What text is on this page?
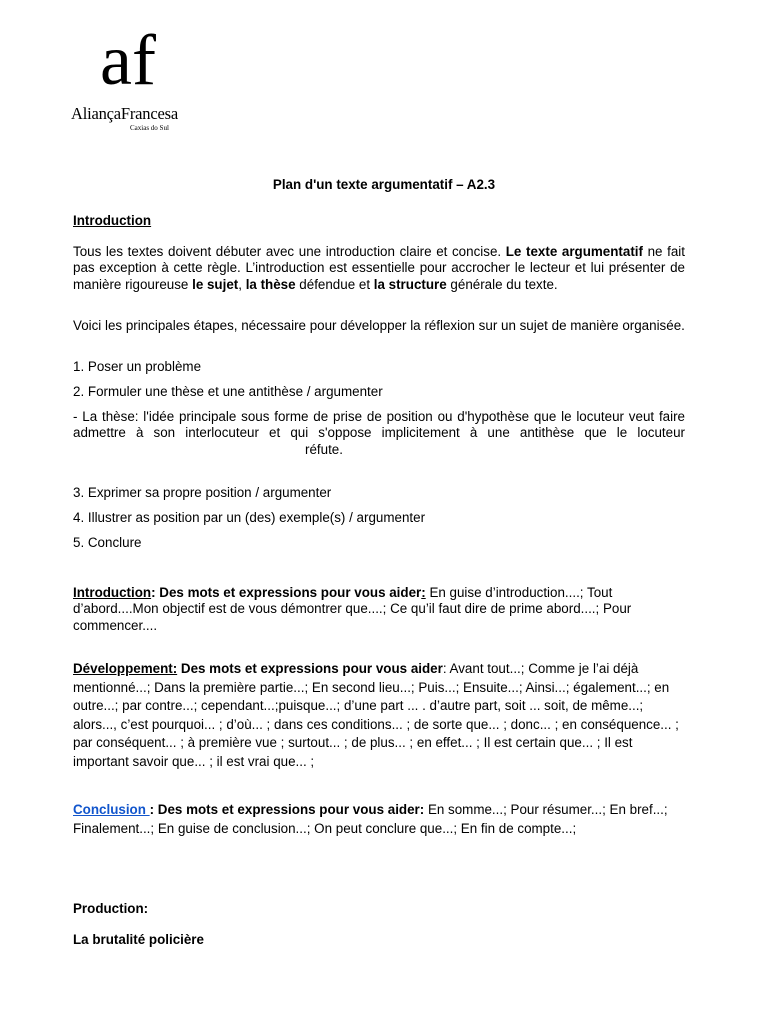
af
AliançaFrancesa
Caxias do Sul
Plan d'un texte argumentatif – A2.3
Introduction
Tous les textes doivent débuter avec une introduction claire et concise. Le texte argumentatif ne fait pas exception à cette règle. L’introduction est essentielle pour accrocher le lecteur et lui présenter de manière rigoureuse le sujet, la thèse défendue et la structure générale du texte.
Voici les principales étapes, nécessaire pour développer la réflexion sur un sujet de manière organisée.
1. Poser un problème
2. Formuler une thèse et une antithèse / argumenter
- La thèse: l'idée principale sous forme de prise de position ou d'hypothèse que le locuteur veut faire admettre à son interlocuteur et qui s'oppose implicitement à une antithèse que le locuteurréfute.
3. Exprimer sa propre position / argumenter
4. Illustrer as position par un (des) exemple(s) / argumenter
5. Conclure
Introduction: Des mots et expressions pour vous aider: En guise d’introduction....; Tout d’abord....Mon objectif est de vous démontrer que....; Ce qu’il faut dire de prime abord....; Pour commencer....
Développement: Des mots et expressions pour vous aider: Avant tout...; Comme je l’ai déjà mentionné...; Dans la première partie...; En second lieu...; Puis...; Ensuite...; Ainsi...; également...; en outre...; par contre...; cependant...;puisque...; d’une part ... . d’autre part, soit ... soit, de même...; alors..., c’est pourquoi... ; d’où... ; dans ces conditions... ; de sorte que... ; donc... ; en conséquence... ; par conséquent... ; à première vue ; surtout... ; de plus... ; en effet... ; Il est certain que... ; Il est important savoir que... ; il est vrai que... ;
Conclusion : Des mots et expressions pour vous aider: En somme...; Pour résumer...; En bref...; Finalement...; En guise de conclusion...; On peut conclure que...; En fin de compte...;
Production:
La brutalité policière
